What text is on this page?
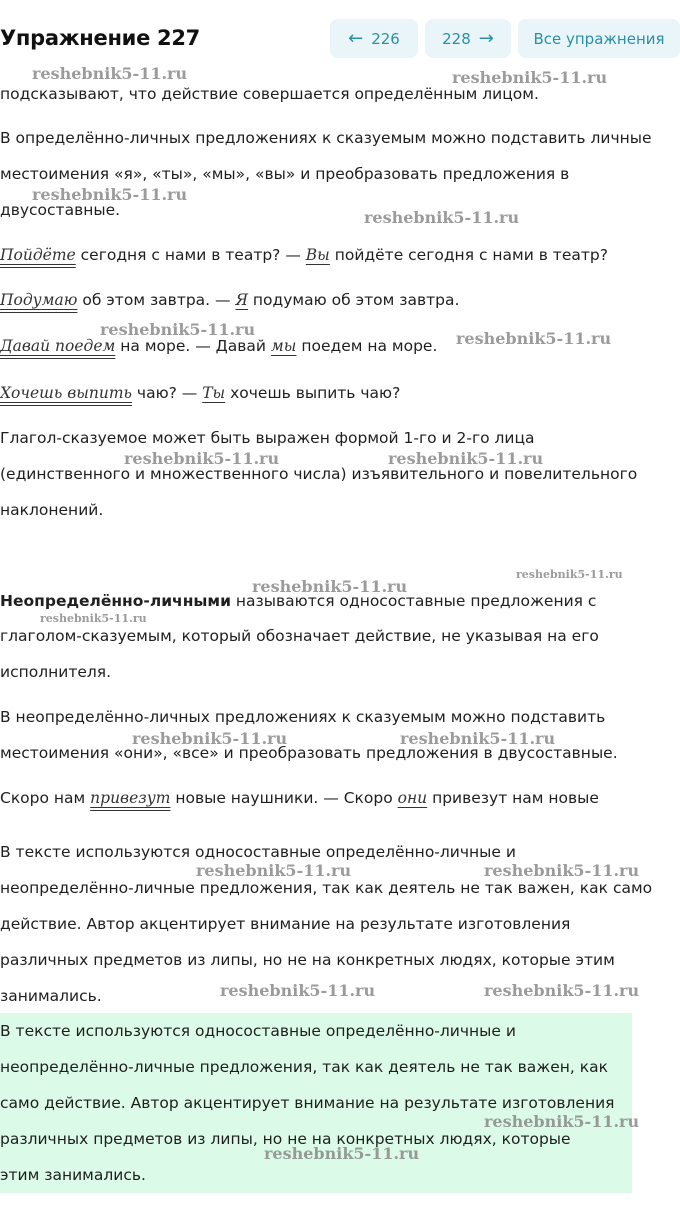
Упражнение 227	← 226	228 →	Все упражнения
подсказывают, что действие совершается определённым лицом.
В определённо-личных предложениях к сказуемым можно подставить личные
местоимения «я», «ты», «мы», «вы» и преобразовать предложения в
двусоставные.
Пойдёте сегодня с нами в театр? — Вы пойдёте сегодня с нами в театр?
Подумаю об этом завтра. — Я подумаю об этом завтра.
Давай поедем на море. — Давай мы поедем на море.
Хочешь выпить чаю? — Ты хочешь выпить чаю?
Глагол-сказуемое может быть выражен формой 1-го и 2-го лица
(единственного и множественного числа) изъявительного и повелительного
наклонений.
Неопределённо-личными называются односоставные предложения с
глаголом-сказуемым, который обозначает действие, не указывая на его
исполнителя.
В неопределённо-личных предложениях к сказуемым можно подставить
местоимения «они», «все» и преобразовать предложения в двусоставные.
Скоро нам привезут новые наушники. — Скоро они привезут нам новые
В тексте используются односоставные определённо-личные и
неопределённо-личные предложения, так как деятель не так важен, как само
действие. Автор акцентирует внимание на результате изготовления
различных предметов из липы, но не на конкретных людях, которые этим
занимались.
В тексте используются односоставные определённо-личные и
неопределённо-личные предложения, так как деятель не так важен, как
само действие. Автор акцентирует внимание на результате изготовления
различных предметов из липы, но не на конкретных людях, которые
этим занимались.
reshebnik5-11.ru	reshebnik5-11.ru
reshebnik5-11.ru
reshebnik5-11.ru
reshebnik5-11.ru	reshebnik5-11.ru
reshebnik5-11.ru	reshebnik5-11.ru
reshebnik5-11.ru
reshebnik5-11.ru
reshebnik5-11.ru
reshebnik5-11.ru	reshebnik5-11.ru
reshebnik5-11.ru	reshebnik5-11.ru
reshebnik5-11.ru	reshebnik5-11.ru
reshebnik5-11.ru
reshebnik5-11.ru
